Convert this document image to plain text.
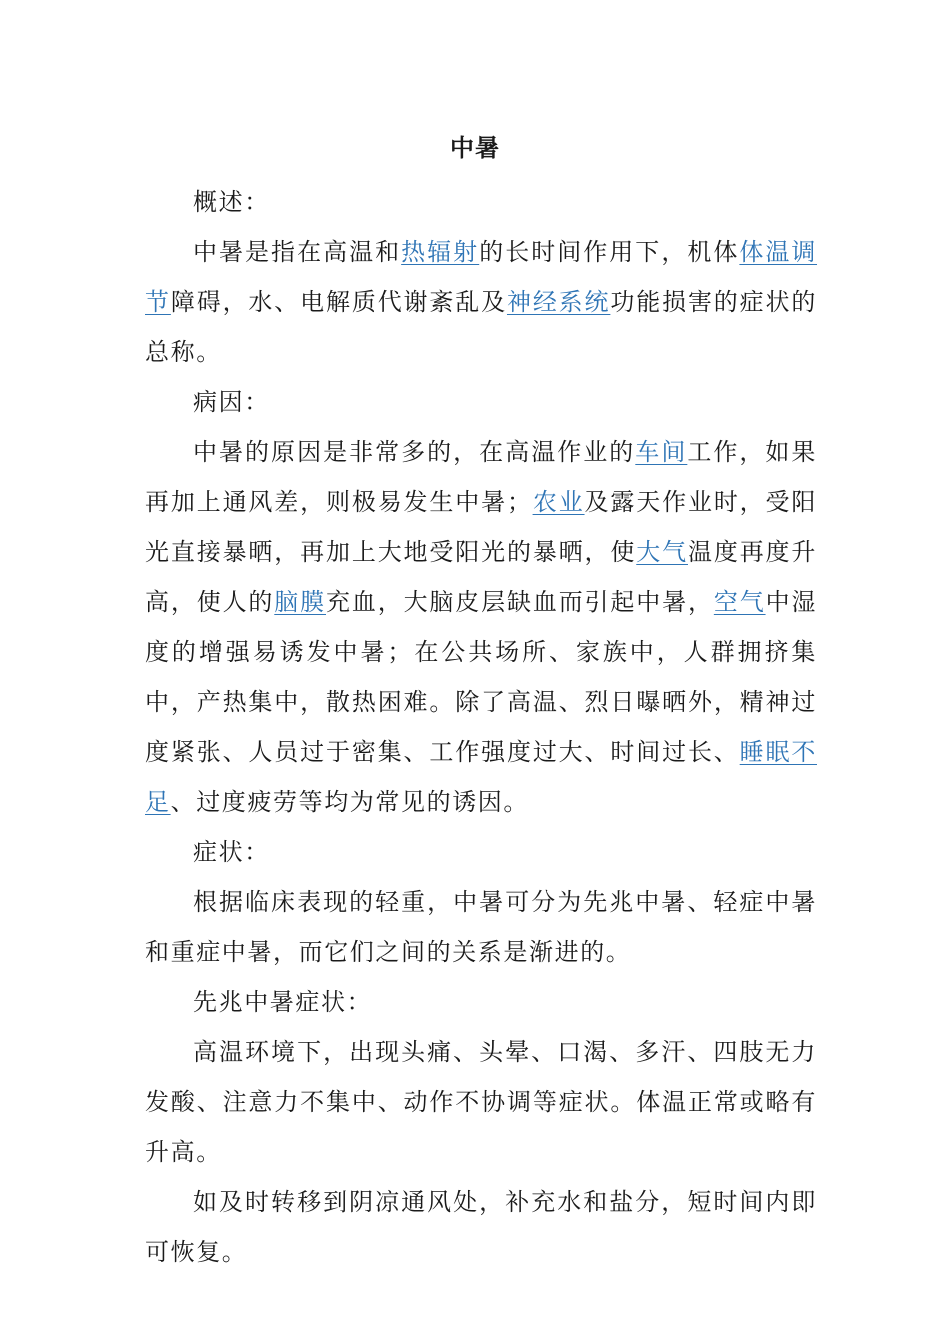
中暑

概述：

中暑是指在高温和热辐射的长时间作用下，机体体温调节障碍，水、电解质代谢紊乱及神经系统功能损害的症状的总称。

病因：

中暑的原因是非常多的，在高温作业的车间工作，如果再加上通风差，则极易发生中暑；农业及露天作业时，受阳光直接暴晒，再加上大地受阳光的暴晒，使大气温度再度升高，使人的脑膜充血，大脑皮层缺血而引起中暑，空气中湿度的增强易诱发中暑；在公共场所、家族中，人群拥挤集中，产热集中，散热困难。除了高温、烈日曝晒外，精神过度紧张、人员过于密集、工作强度过大、时间过长、睡眠不足、过度疲劳等均为常见的诱因。

症状：

根据临床表现的轻重，中暑可分为先兆中暑、轻症中暑和重症中暑，而它们之间的关系是渐进的。

先兆中暑症状：

高温环境下，出现头痛、头晕、口渴、多汗、四肢无力发酸、注意力不集中、动作不协调等症状。体温正常或略有升高。

如及时转移到阴凉通风处，补充水和盐分，短时间内即可恢复。
